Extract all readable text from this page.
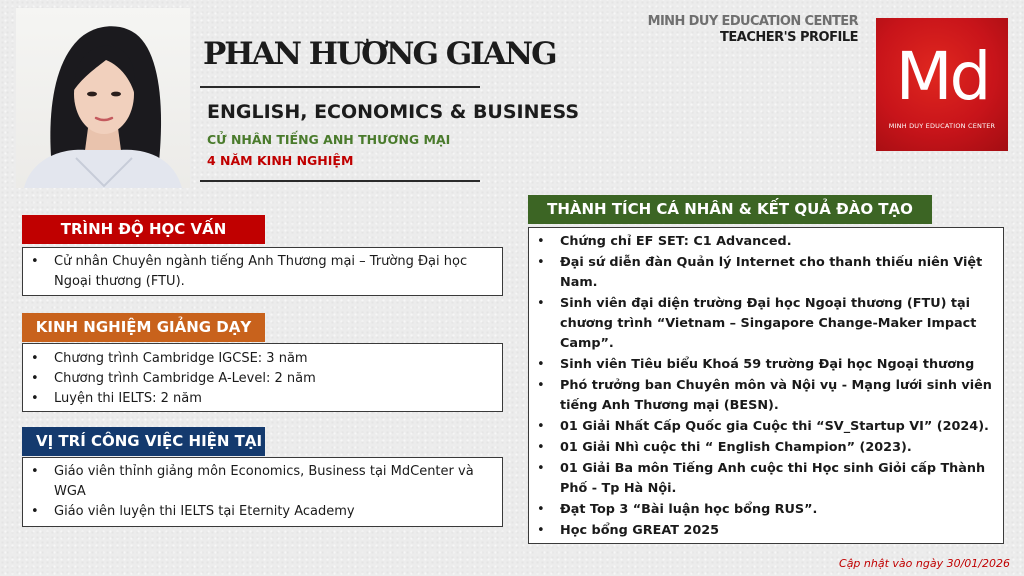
PHAN HƯƠNG GIANG
ENGLISH, ECONOMICS & BUSINESS
CỬ NHÂN TIẾNG ANH THƯƠNG MẠI
4 NĂM KINH NGHIỆM
MINH DUY EDUCATION CENTER
TEACHER'S PROFILE
Md
MINH DUY EDUCATION CENTER
TRÌNH ĐỘ HỌC VẤN
• Cử nhân Chuyên ngành tiếng Anh Thương mại – Trường Đại học Ngoại thương (FTU).
KINH NGHIỆM GIẢNG DẠY
• Chương trình Cambridge IGCSE: 3 năm
• Chương trình Cambridge A-Level: 2 năm
• Luyện thi IELTS: 2 năm
VỊ TRÍ CÔNG VIỆC HIỆN TẠI
• Giáo viên thỉnh giảng môn Economics, Business tại MdCenter và WGA
• Giáo viên luyện thi IELTS tại Eternity Academy
THÀNH TÍCH CÁ NHÂN & KẾT QUẢ ĐÀO TẠO
• Chứng chỉ EF SET: C1 Advanced.
• Đại sứ diễn đàn Quản lý Internet cho thanh thiếu niên Việt Nam.
• Sinh viên đại diện trường Đại học Ngoại thương (FTU) tại chương trình “Vietnam – Singapore Change-Maker Impact Camp”.
• Sinh viên Tiêu biểu Khoá 59 trường Đại học Ngoại thương
• Phó trưởng ban Chuyên môn và Nội vụ - Mạng lưới sinh viên tiếng Anh Thương mại (BESN).
• 01 Giải Nhất Cấp Quốc gia Cuộc thi “SV_Startup VI” (2024).
• 01 Giải Nhì cuộc thi “ English Champion” (2023).
• 01 Giải Ba môn Tiếng Anh cuộc thi Học sinh Giỏi cấp Thành Phố - Tp Hà Nội.
• Đạt Top 3 “Bài luận học bổng RUS”.
• Học bổng GREAT 2025
Cập nhật vào ngày 30/01/2026
